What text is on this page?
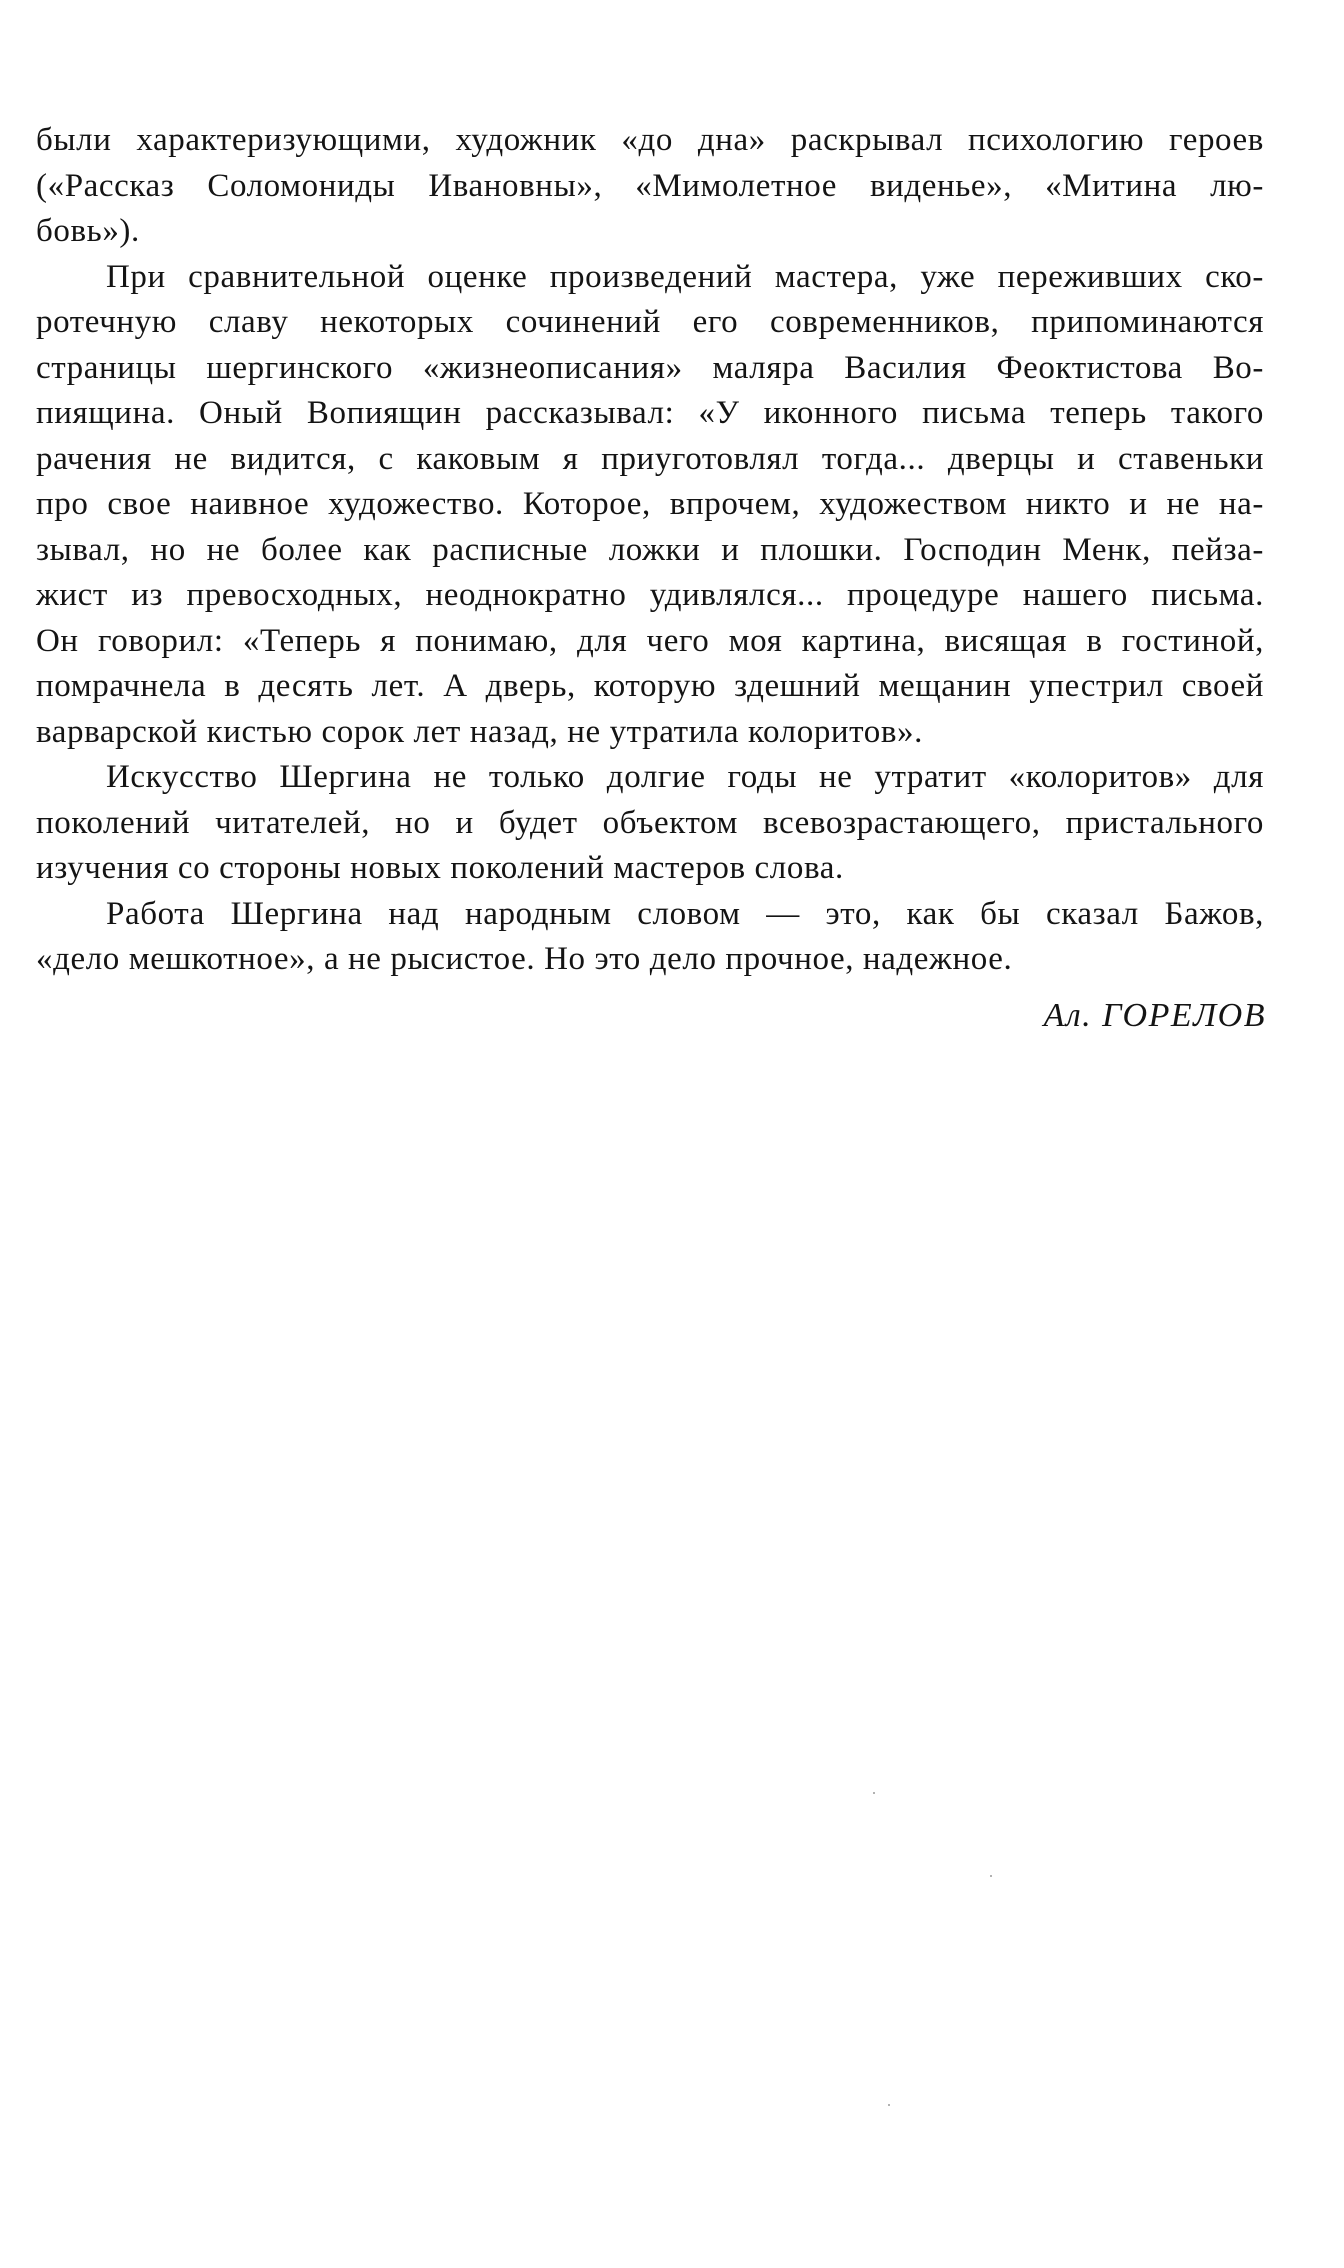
были характеризующими, художник «до дна» раскрывал психологию героев
(«Рассказ Соломониды Ивановны», «Мимолетное виденье», «Митина лю-
бовь»).
При сравнительной оценке произведений мастера, уже переживших ско-
ротечную славу некоторых сочинений его современников, припоминаются
страницы шергинского «жизнеописания» маляра Василия Феоктистова Во-
пиящина. Оный Вопиящин рассказывал: «У иконного письма теперь такого
рачения не видится, с каковым я приуготовлял тогда... дверцы и ставеньки
про свое наивное художество. Которое, впрочем, художеством никто и не на-
зывал, но не более как расписные ложки и плошки. Господин Менк, пейза-
жист из превосходных, неоднократно удивлялся... процедуре нашего письма.
Он говорил: «Теперь я понимаю, для чего моя картина, висящая в гостиной,
помрачнела в десять лет. А дверь, которую здешний мещанин упестрил своей
варварской кистью сорок лет назад, не утратила колоритов».
Искусство Шергина не только долгие годы не утратит «колоритов» для
поколений читателей, но и будет объектом всевозрастающего, пристального
изучения со стороны новых поколений мастеров слова.
Работа Шергина над народным словом — это, как бы сказал Бажов,
«дело мешкотное», а не рысистое. Но это дело прочное, надежное.
Ал. ГОРЕЛОВ
